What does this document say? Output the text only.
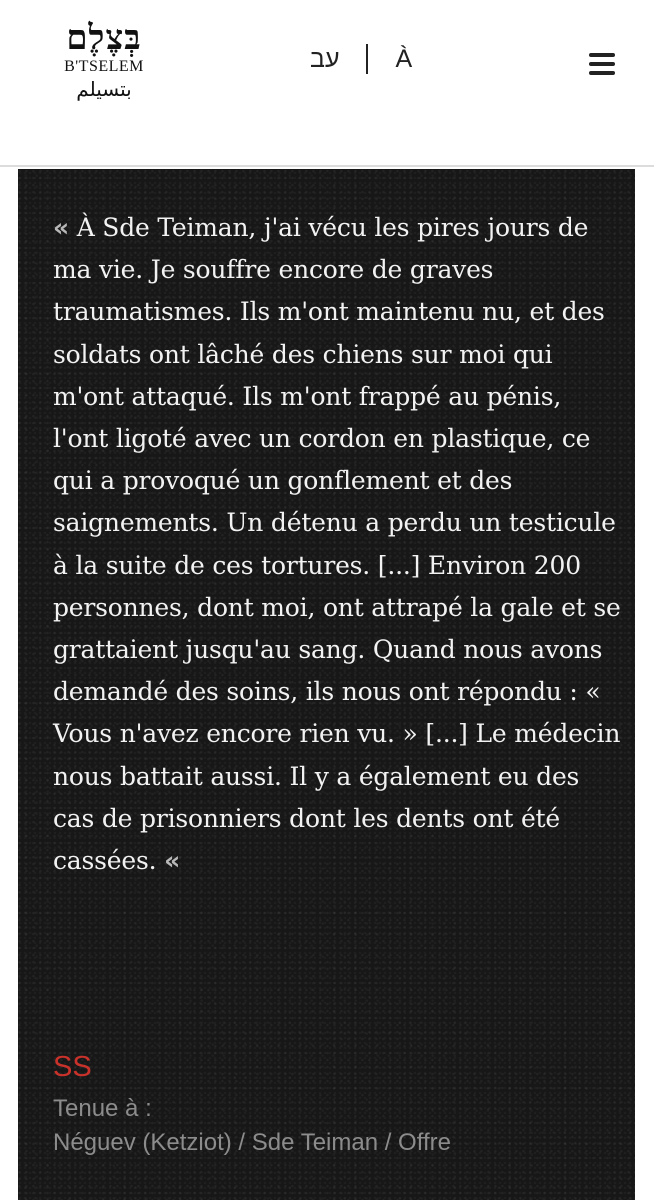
בְּצֶלֶם
B'TSELEM
بتسيلم
עב À

« À Sde Teiman, j'ai vécu les pires jours de ma vie. Je souffre encore de graves traumatismes. Ils m'ont maintenu nu, et des soldats ont lâché des chiens sur moi qui m'ont attaqué. Ils m'ont frappé au pénis, l'ont ligoté avec un cordon en plastique, ce qui a provoqué un gonflement et des saignements. Un détenu a perdu un testicule à la suite de ces tortures. [...] Environ 200 personnes, dont moi, ont attrapé la gale et se grattaient jusqu'au sang. Quand nous avons demandé des soins, ils nous ont répondu : « Vous n'avez encore rien vu. » [...] Le médecin nous battait aussi. Il y a également eu des cas de prisonniers dont les dents ont été cassées. «

SS
Tenue à :
Néguev (Ketziot) / Sde Teiman / Offre
